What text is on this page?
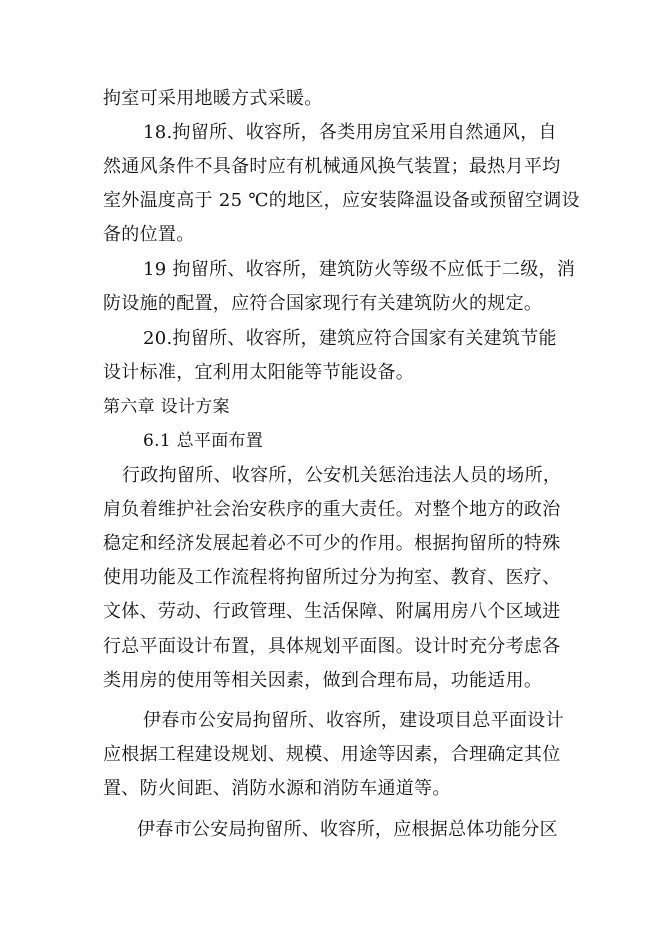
拘室可采用地暖方式采暖。
18.拘留所、收容所，各类用房宜采用自然通风，自
然通风条件不具备时应有机械通风换气装置；最热月平均
室外温度高于 25 ℃的地区，应安装降温设备或预留空调设
备的位置。
19 拘留所、收容所，建筑防火等级不应低于二级，消
防设施的配置，应符合国家现行有关建筑防火的规定。
20.拘留所、收容所，建筑应符合国家有关建筑节能
设计标准，宜利用太阳能等节能设备。
第六章 设计方案
6.1 总平面布置
行政拘留所、收容所，公安机关惩治违法人员的场所，
肩负着维护社会治安秩序的重大责任。对整个地方的政治
稳定和经济发展起着必不可少的作用。根据拘留所的特殊
使用功能及工作流程将拘留所过分为拘室、教育、医疗、
文体、劳动、行政管理、生活保障、附属用房八个区域进
行总平面设计布置，具体规划平面图。设计时充分考虑各
类用房的使用等相关因素，做到合理布局，功能适用。
伊春市公安局拘留所、收容所，建设项目总平面设计
应根据工程建设规划、规模、用途等因素，合理确定其位
置、防火间距、消防水源和消防车通道等。
伊春市公安局拘留所、收容所，应根据总体功能分区
